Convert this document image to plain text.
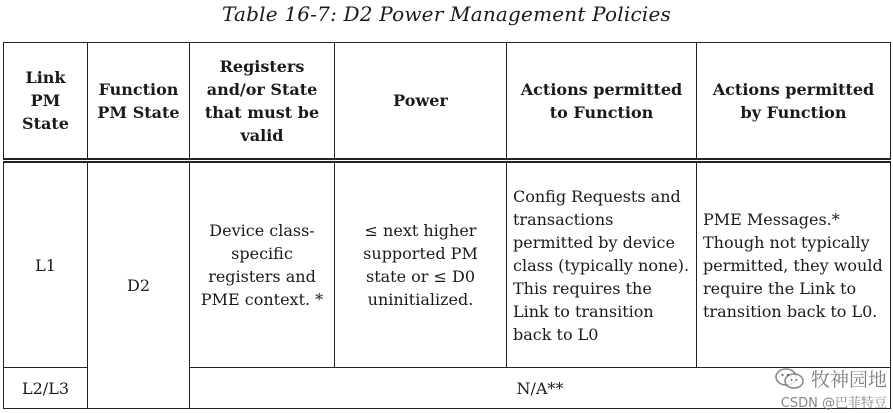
Table 16-7: D2 Power Management Policies
Link PM State	Function PM State	Registers and/or State that must be valid	Power	Actions permitted to Function	Actions permitted by Function
L1	D2	Device class-specific registers and PME context. *	≤ next higher supported PM state or ≤ D0 uninitialized.	Config Requests and transactions permitted by device class (typically none). This requires the Link to transition back to L0	PME Messages.* Though not typically permitted, they would require the Link to transition back to L0.
L2/L3		N/A**				牧神园地
CSDN @巴菲特豆
